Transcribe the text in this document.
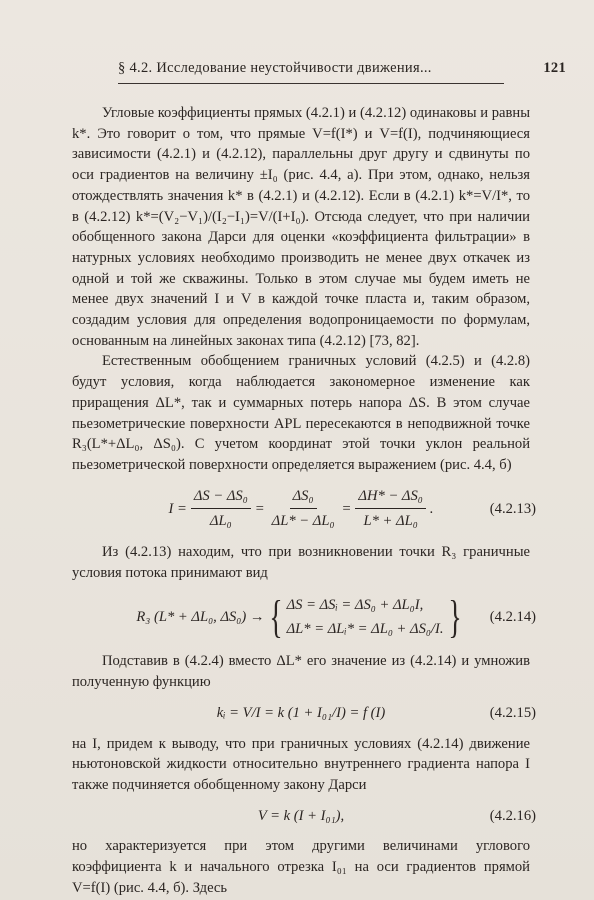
§ 4.2. Исследование неустойчивости движения...	121

Угловые коэффициенты прямых (4.2.1) и (4.2.12) одинаковы и равны k*. Это говорит о том, что прямые V=f(I*) и V=f(I), подчиняющиеся зависимости (4.2.1) и (4.2.12), параллельны друг другу и сдвинуты по оси градиентов на величину ±I₀ (рис. 4.4, а). При этом, однако, нельзя отождествлять значения k* в (4.2.1) и (4.2.12). Если в (4.2.1) k*=V/I*, то в (4.2.12) k*=(V₂−V₁)/(I₂−I₁)=V/(I+I₀). Отсюда следует, что при наличии обобщенного закона Дарси для оценки «коэффициента фильтрации» в натурных условиях необходимо производить не менее двух откачек из одной и той же скважины. Только в этом случае мы будем иметь не менее двух значений I и V в каждой точке пласта и, таким образом, создадим условия для определения водопроницаемости по формулам, основанным на линейных законах типа (4.2.12) [73, 82].

Естественным обобщением граничных условий (4.2.5) и (4.2.8) будут условия, когда наблюдается закономерное изменение как приращения ΔL*, так и суммарных потерь напора ΔS. В этом случае пьезометрические поверхности APL пересекаются в неподвижной точке R₃(L*+ΔL₀, ΔS₀). С учетом координат этой точки уклон реальной пьезометрической поверхности определяется выражением (рис. 4.4, б)

$I = \frac{\text{ΔS − ΔS₀}}{\text{ΔL₀}} = \frac{\text{ΔS₀}}{\text{ΔL* − ΔL₀}} = \frac{\text{ΔH* − ΔS₀}}{\text{L* + ΔL₀}}$ .	(4.2.13)

Из (4.2.13) находим, что при возникновении точки R₃ граничные условия потока принимают вид

R₃ (L* + ΔL₀, ΔS₀) → { ΔS = ΔSᵢ = ΔS₀ + ΔL₀I,
ΔL* = ΔLᵢ* = ΔL₀ + ΔS₀/I. } (4.2.14)

Подставив в (4.2.4) вместо ΔL* его значение из (4.2.14) и умножив полученную функцию

kᵢ = V/I = k (1 + I₀₁/I) = f (I)	(4.2.15)

на I, придем к выводу, что при граничных условиях (4.2.14) движение ньютоновской жидкости относительно внутреннего градиента напора I также подчиняется обобщенному закону Дарси

V = k (I + I₀₁),	(4.2.16)

но характеризуется при этом другими величинами углового коэффициента k и начального отрезка I₀₁ на оси градиентов прямой V=f(I) (рис. 4.4, б). Здесь
